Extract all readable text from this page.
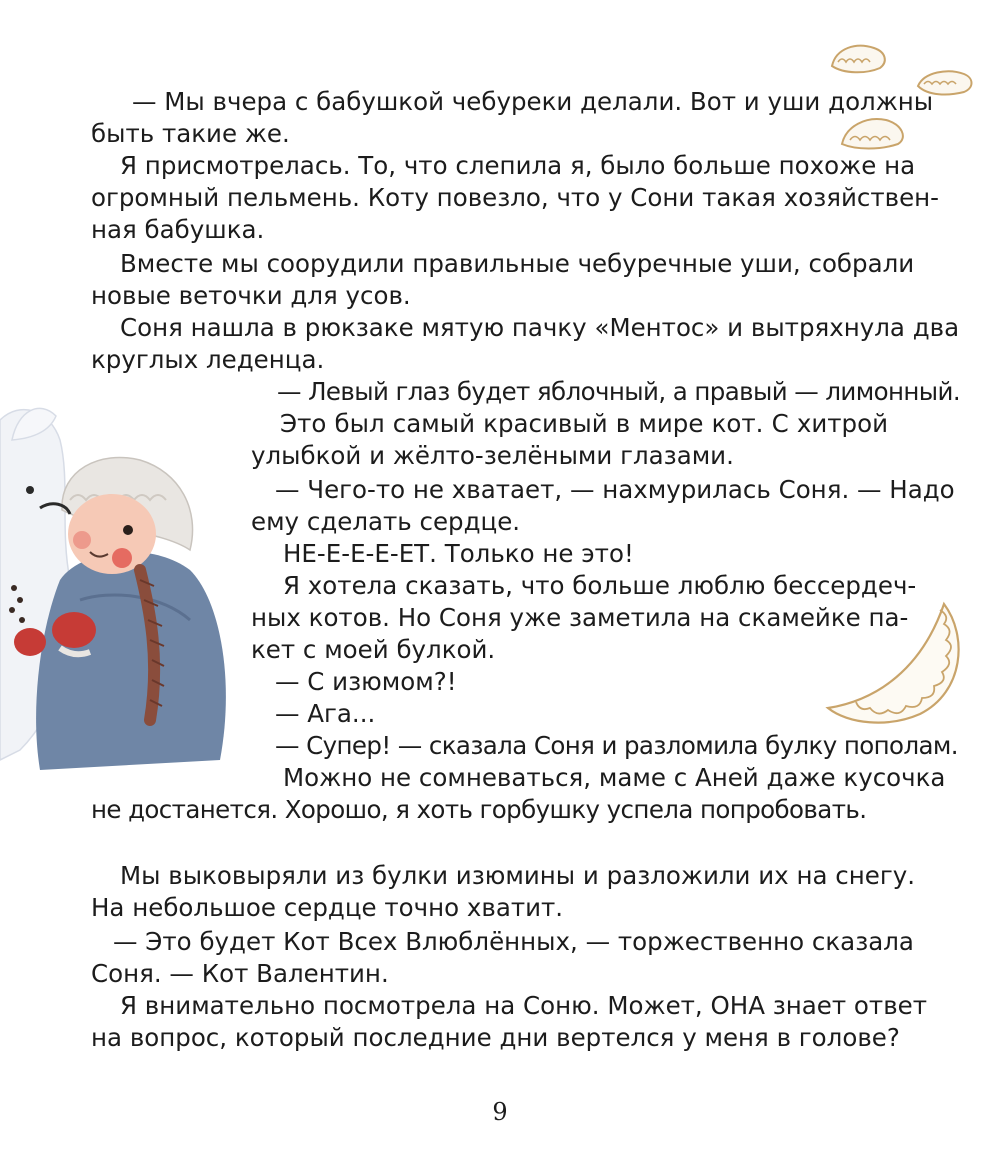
— Мы вчера с бабушкой чебуреки делали. Вот и уши должны
быть такие же.
Я присмотрелась. То, что слепила я, было больше похоже на
огромный пельмень. Коту повезло, что у Сони такая хозяйствен-
ная бабушка.
Вместе мы соорудили правильные чебуречные уши, собрали
новые веточки для усов.
Соня нашла в рюкзаке мятую пачку «Ментос» и вытряхнула два
круглых леденца.
— Левый глаз будет яблочный, а правый — лимонный.
Это был самый красивый в мире кот. С хитрой
улыбкой и жёлто-зелёными глазами.
— Чего-то не хватает, — нахмурилась Соня. — Надо
ему сделать сердце.
НЕ-Е-Е-Е-ЕТ. Только не это!
Я хотела сказать, что больше люблю бессердеч-
ных котов. Но Соня уже заметила на скамейке па-
кет с моей булкой.
— С изюмом?!
— Ага...
— Супер! — сказала Соня и разломила булку пополам.
Можно не сомневаться, маме с Аней даже кусочка
не достанется. Хорошо, я хоть горбушку успела попробовать.
Мы выковыряли из булки изюмины и разложили их на снегу.
На небольшое сердце точно хватит.
— Это будет Кот Всех Влюблённых, — торжественно сказала
Соня. — Кот Валентин.
Я внимательно посмотрела на Соню. Может, ОНА знает ответ
на вопрос, который последние дни вертелся у меня в голове?
9
